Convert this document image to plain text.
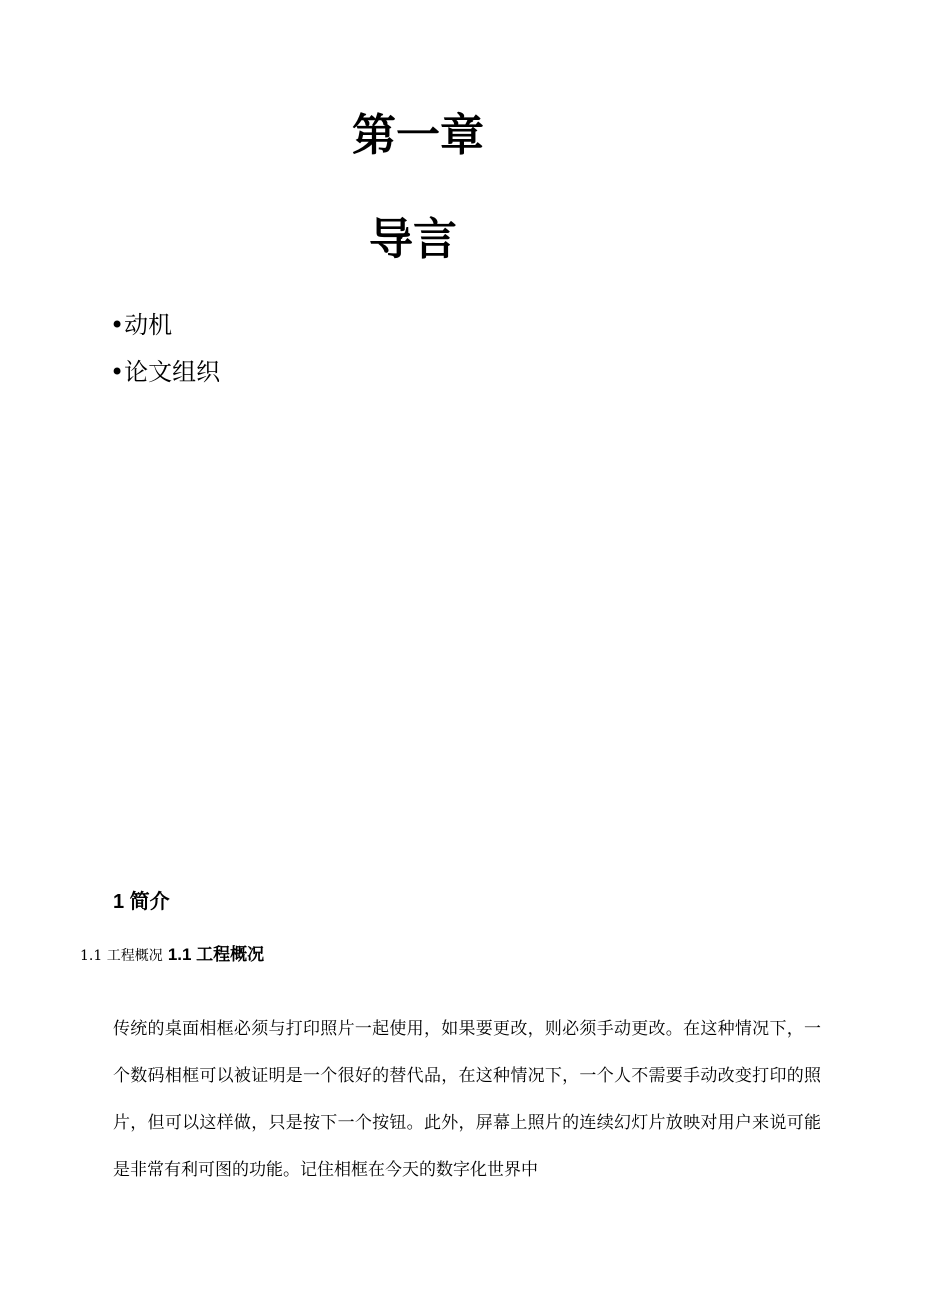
第一章
导言
•动机
•论文组织
1 简介
1.1 工程概况 1.1 工程概况

传统的桌面相框必须与打印照片一起使用，如果要更改，则必须手动更改。在这种情况下，一个数码相框可以被证明是一个很好的替代品，在这种情况下，一个人不需要手动改变打印的照片，但可以这样做，只是按下一个按钮。此外，屏幕上照片的连续幻灯片放映对用户来说可能是非常有利可图的功能。记住相框在今天的数字化世界中
